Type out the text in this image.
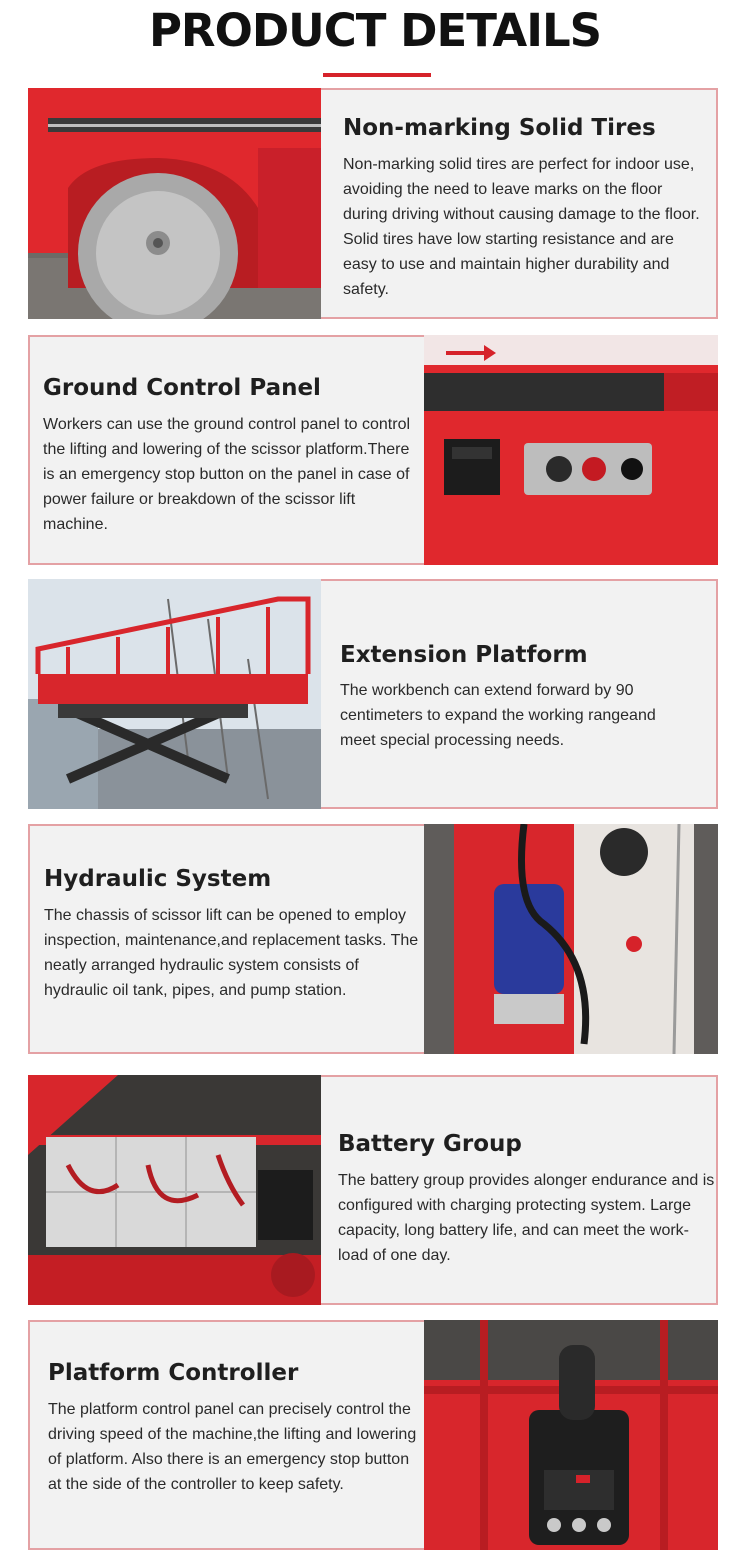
PRODUCT DETAILS
Non-marking Solid Tires

Non-marking solid tires are perfect for indoor use, avoiding the need to leave marks on the floor during driving without causing damage to the floor. Solid tires have low starting resistance and are easy to use and maintain higher durability and safety.

Ground Control Panel

Workers can use the ground control panel to control the lifting and lowering of the scissor platform.There is an emergency stop button on the panel in case of power failure or breakdown of the scissor lift machine.

Extension Platform

The workbench can extend forward by 90 centimeters to expand the working rangeand meet special processing needs.

Hydraulic System

The chassis of scissor lift can be opened to employ inspection, maintenance,and replacement tasks. The neatly arranged hydraulic system consists of hydraulic oil tank, pipes, and pump station.

Battery Group

The battery group provides alonger endurance and is configured with charging protecting system. Large capacity, long battery life, and can meet the work-load of one day.

Platform Controller

The platform control panel can precisely control the driving speed of the machine,the lifting and lowering of platform. Also there is an emergency stop button at the side of the controller to keep safety.
